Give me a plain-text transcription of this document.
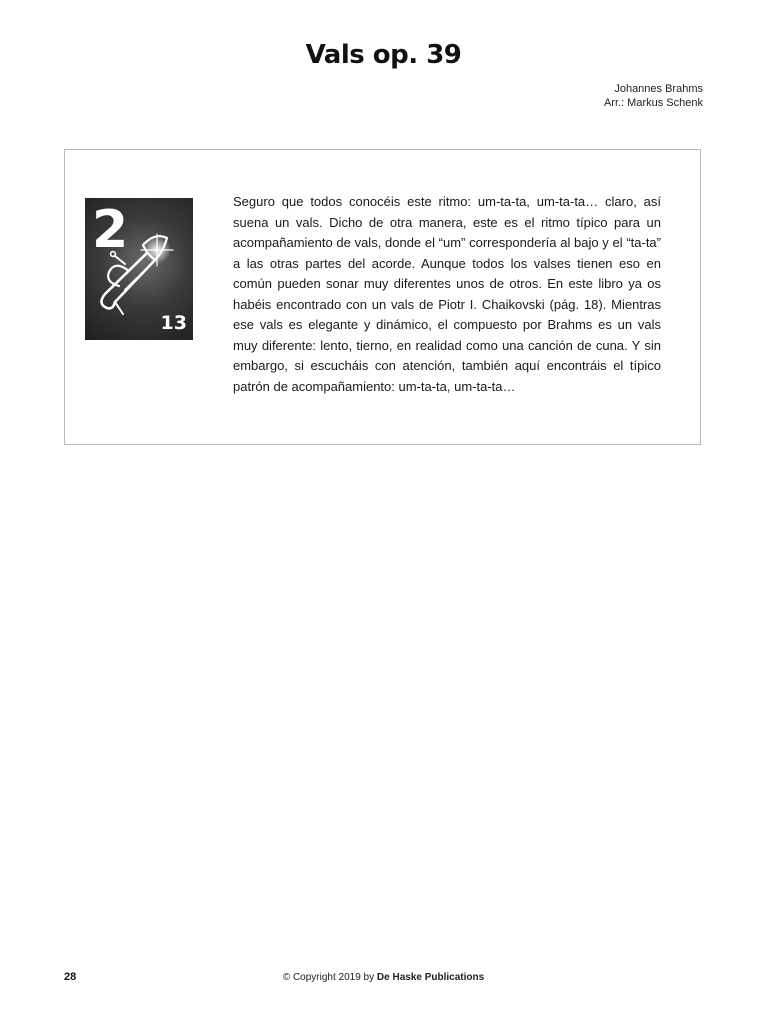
Vals op. 39
Johannes Brahms
Arr.: Markus Schenk
2
13

Seguro que todos conocéis este ritmo: um-ta-ta, um-ta-ta… claro, así suena un vals. Dicho de otra manera, este es el ritmo típico para un acompañamiento de vals, donde el “um” correspondería al bajo y el “ta-ta” a las otras partes del acorde. Aunque todos los valses tienen eso en común pueden sonar muy diferentes unos de otros. En este libro ya os habéis encontrado con un vals de Piotr I. Chaikovski (pág. 18). Mientras ese vals es elegante y dinámico, el compuesto por Brahms es un vals muy diferente: lento, tierno, en realidad como una canción de cuna. Y sin embargo, si escucháis con atención, también aquí encontráis el típico patrón de acompañamiento: um-ta-ta, um-ta-ta…

28	© Copyright 2019 by De Haske Publications
